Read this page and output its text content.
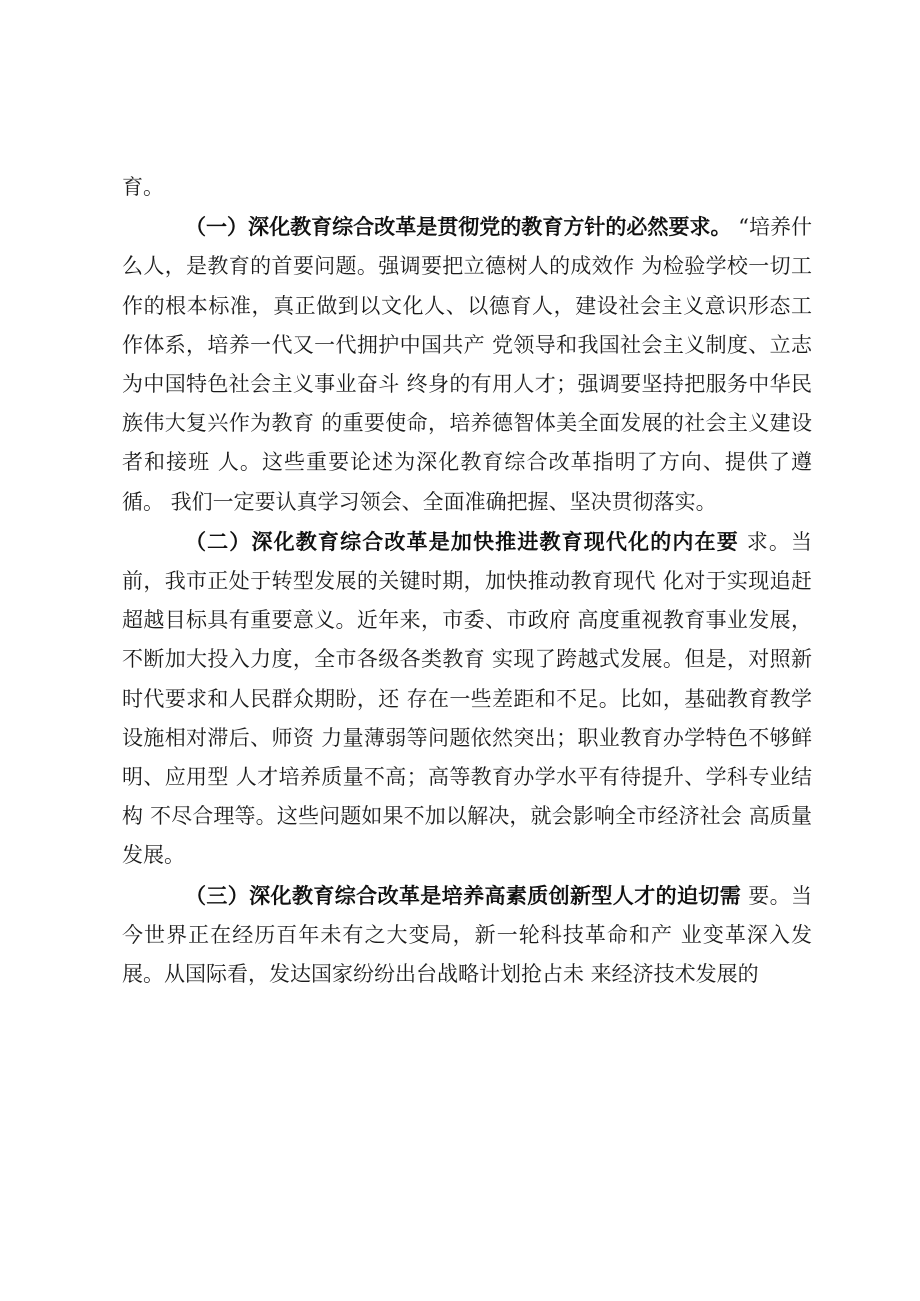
育。

（一）深化教育综合改革是贯彻党的教育方针的必然要求。 “培养什么人，是教育的首要问题。强调要把立德树人的成效作 为检验学校一切工作的根本标准，真正做到以文化人、以德育人，建设社会主义意识形态工作体系，培养一代又一代拥护中国共产 党领导和我国社会主义制度、立志为中国特色社会主义事业奋斗 终身的有用人才；强调要坚持把服务中华民族伟大复兴作为教育 的重要使命，培养德智体美全面发展的社会主义建设者和接班 人。这些重要论述为深化教育综合改革指明了方向、提供了遵循。 我们一定要认真学习领会、全面准确把握、坚决贯彻落实。

（二）深化教育综合改革是加快推进教育现代化的内在要 求。当前，我市正处于转型发展的关键时期，加快推动教育现代 化对于实现追赶超越目标具有重要意义。近年来，市委、市政府 高度重视教育事业发展，不断加大投入力度，全市各级各类教育 实现了跨越式发展。但是，对照新时代要求和人民群众期盼，还 存在一些差距和不足。比如，基础教育教学设施相对滞后、师资 力量薄弱等问题依然突出；职业教育办学特色不够鲜明、应用型 人才培养质量不高；高等教育办学水平有待提升、学科专业结构 不尽合理等。这些问题如果不加以解决，就会影响全市经济社会 高质量发展。

（三）深化教育综合改革是培养高素质创新型人才的迫切需 要。当今世界正在经历百年未有之大变局，新一轮科技革命和产 业变革深入发展。从国际看，发达国家纷纷出台战略计划抢占未 来经济技术发展的
